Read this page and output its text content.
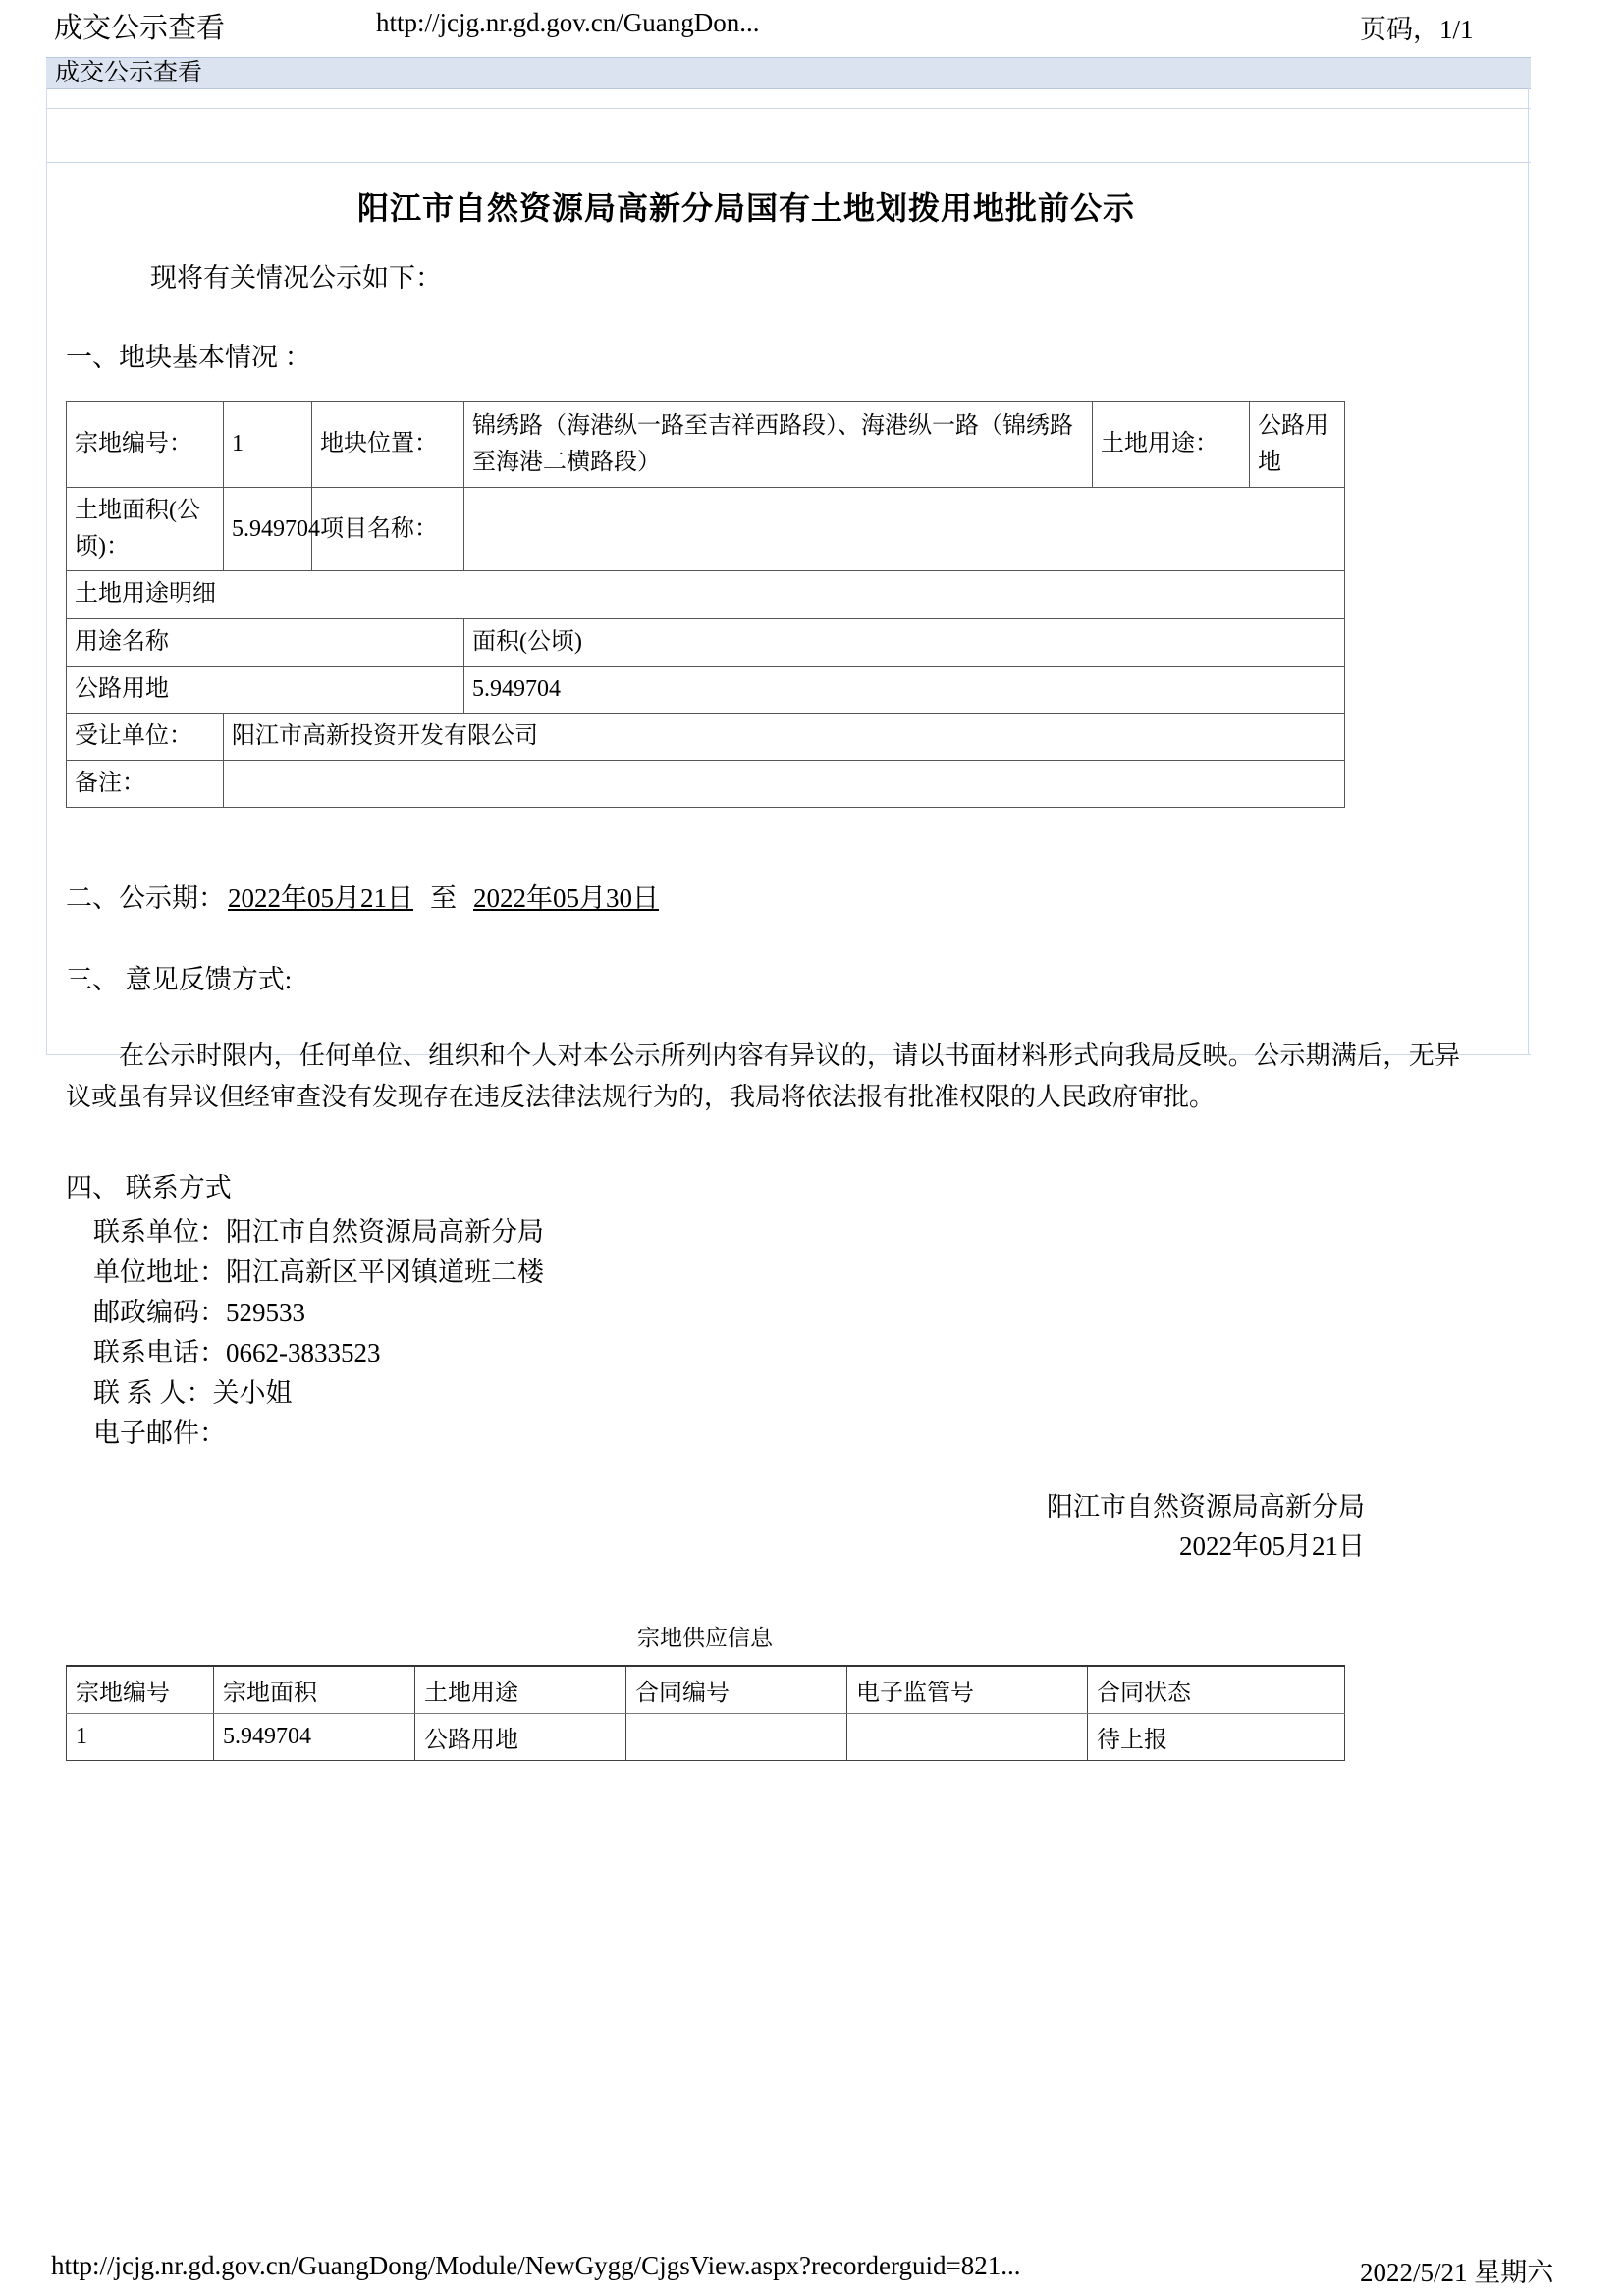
成交公示查看	http://jcjg.nr.gd.gov.cn/GuangDon...	页码，1/1
成交公示查看
阳江市自然资源局高新分局国有土地划拨用地批前公示

现将有关情况公示如下：

一、地块基本情况 ：
宗地编号：	1	地块位置：	锦绣路（海港纵一路至吉祥西路段）、海港纵一路（锦绣路至海港二横路段）	土地用途：	公路用地
土地面积(公顷)：	5.949704	项目名称：			
土地用途明细					
用途名称			面积(公顷)		
公路用地			5.949704		
受让单位：	阳江市高新投资开发有限公司				
备注：					
二、公示期： 2022年05月21日 至 2022年05月30日
三、 意见反馈方式:

在公示时限内，任何单位、组织和个人对本公示所列内容有异议的，请以书面材料形式向我局反映。公示期满后，无异议或虽有异议但经审查没有发现存在违反法律法规行为的，我局将依法报有批准权限的人民政府审批。

四、 联系方式
联系单位：阳江市自然资源局高新分局
单位地址：阳江高新区平冈镇道班二楼
邮政编码：529533
联系电话：0662-3833523
联 系 人：关小姐
电子邮件：
阳江市自然资源局高新分局
2022年05月21日
宗地供应信息
宗地编号	宗地面积	土地用途	合同编号	电子监管号	合同状态
1	5.949704	公路用地			待上报
http://jcjg.nr.gd.gov.cn/GuangDong/Module/NewGygg/CjgsView.aspx?recorderguid=821...	2022/5/21 星期六
